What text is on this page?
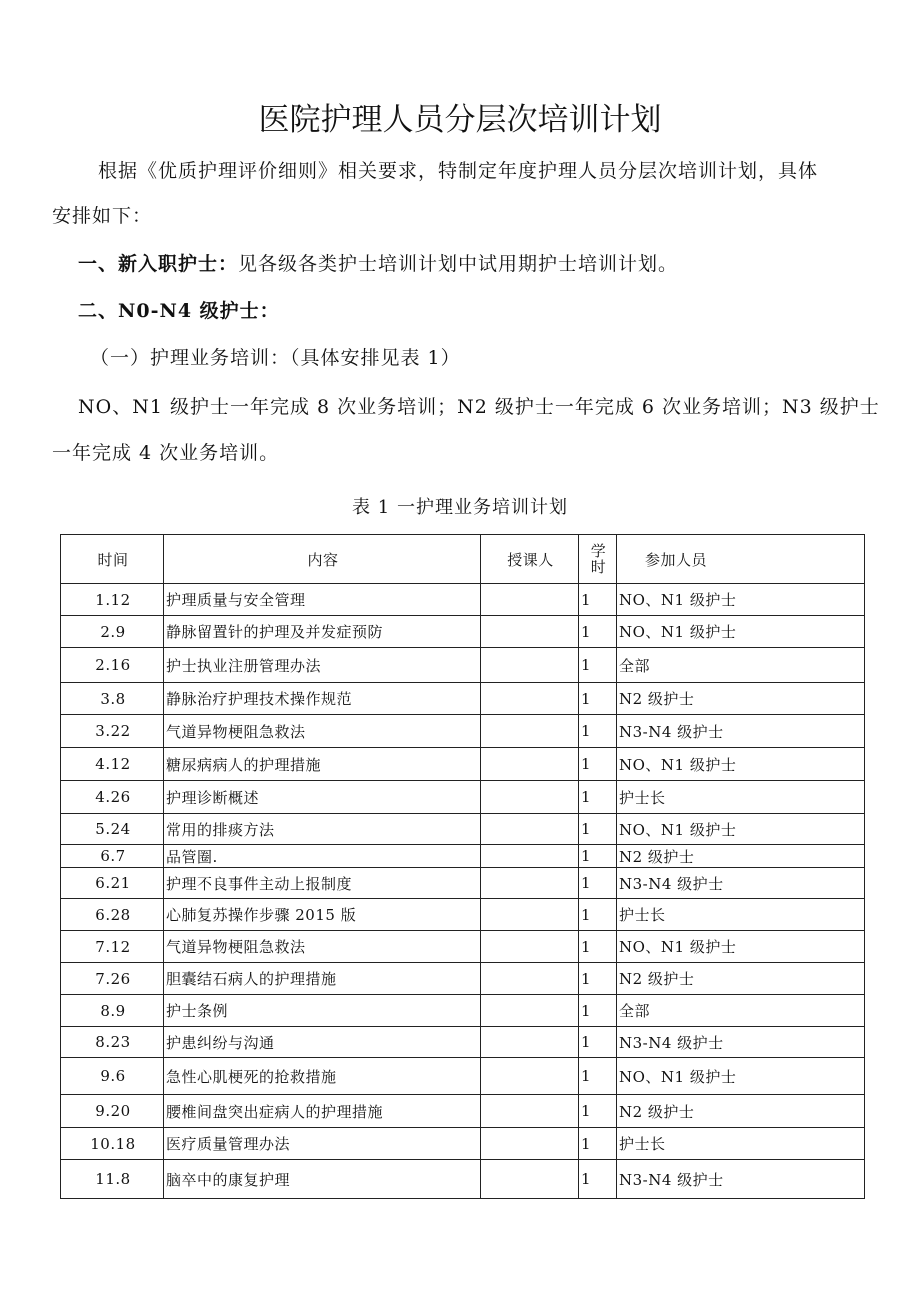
医院护理人员分层次培训计划
根据《优质护理评价细则》相关要求，特制定年度护理人员分层次培训计划，具体
安排如下：
一、新入职护士：见各级各类护士培训计划中试用期护士培训计划。
二、N0-N4 级护士：
（一）护理业务培训：（具体安排见表 1）
NO、N1 级护士一年完成 8 次业务培训；N2 级护士一年完成 6 次业务培训；N3 级护士
一年完成 4 次业务培训。
表 1 一护理业务培训计划
时间	内容	授课人	学时	参加人员
1.12	护理质量与安全管理		1	NO、N1 级护士
2.9	静脉留置针的护理及并发症预防		1	NO、N1 级护士
2.16	护士执业注册管理办法		1	全部
3.8	静脉治疗护理技术操作规范		1	N2 级护士
3.22	气道异物梗阻急救法		1	N3-N4 级护士
4.12	糖尿病病人的护理措施		1	NO、N1 级护士
4.26	护理诊断概述		1	护士长
5.24	常用的排痰方法		1	NO、N1 级护士
6.7	品管圈.		1	N2 级护士
6.21	护理不良事件主动上报制度		1	N3-N4 级护士
6.28	心肺复苏操作步骤 2015 版		1	护士长
7.12	气道异物梗阻急救法		1	NO、N1 级护士
7.26	胆囊结石病人的护理措施		1	N2 级护士
8.9	护士条例		1	全部
8.23	护患纠纷与沟通		1	N3-N4 级护士
9.6	急性心肌梗死的抢救措施		1	NO、N1 级护士
9.20	腰椎间盘突出症病人的护理措施		1	N2 级护士
10.18	医疗质量管理办法		1	护士长
11.8	脑卒中的康复护理		1	N3-N4 级护士
